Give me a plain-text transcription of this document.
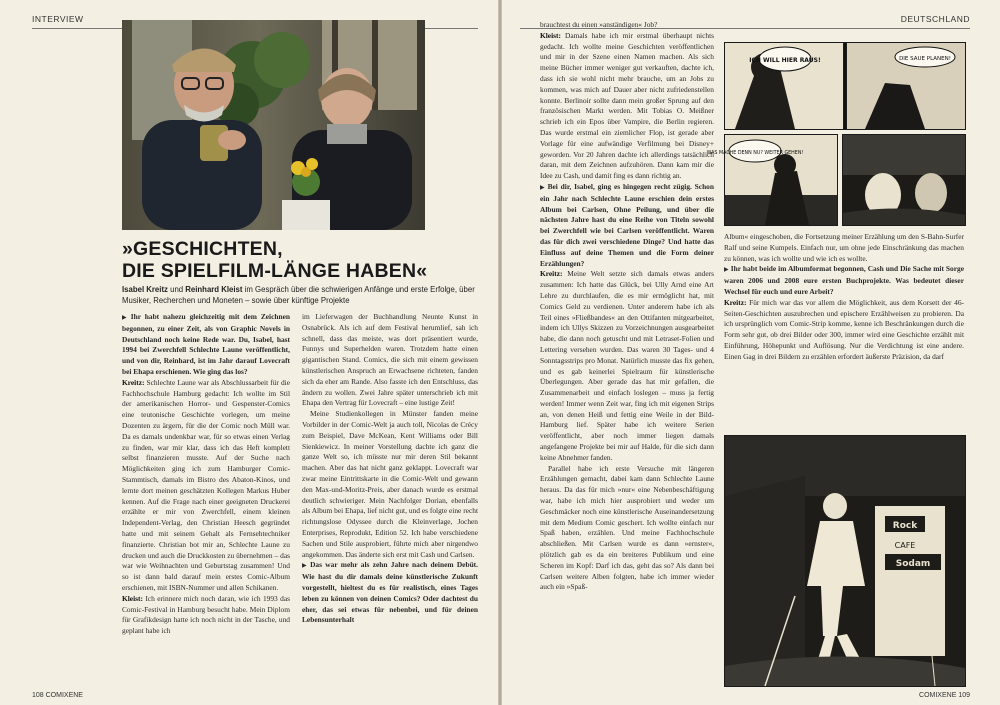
INTERVIEW
»GESCHICHTEN,
DIE SPIELFILM-LÄNGE HABEN«
Isabel Kreitz und Reinhard Kleist im Gespräch über die schwierigen Anfänge und erste Erfolge, über Musiker, Recherchen und Moneten – sowie über künftige Projekte

▶ Ihr habt nahezu gleichzeitig mit dem Zeichnen begonnen, zu einer Zeit, als von Graphic Novels in Deutschland noch keine Rede war. Du, Isabel, hast 1994 bei Zwerchfell Schlechte Laune veröffentlicht, und von dir, Reinhard, ist im Jahr darauf Lovecraft bei Ehapa erschienen. Wie ging das los?

Kreitz: Schlechte Laune war als Abschlussarbeit für die Fachhochschule Hamburg gedacht: Ich wollte im Stil der amerikanischen Horror- und Gespenster-Comics eine teutonische Geschichte vorlegen, um meine Dozenten zu ärgern, für die der Comic noch Müll war. Da es damals undenkbar war, für so etwas einen Verlag zu finden, war mir klar, dass ich das Heft komplett selbst finanzieren musste. Auf der Suche nach Möglichkeiten ging ich zum Hamburger Comic-Stammtisch, damals im Bistro des Abaton-Kinos, und lernte dort meinen geschätzten Kollegen Markus Huber kennen. Auf die Frage nach einer geeigneten Druckerei erzählte er mir von Zwerchfell, einem kleinen Independent-Verlag, den Christian Heesch gegründet hatte und mit seinem Gehalt als Fernsehtechniker finanzierte. Christian bot mir an, Schlechte Laune zu drucken und auch die Druckkosten zu übernehmen – das war wie Weihnachten und Geburtstag zusammen! Und so ist dann bald darauf mein erstes Comic-Album erschienen, mit ISBN-Nummer und allen Schikanen.

Kleist: Ich erinnere mich noch daran, wie ich 1993 das Comic-Festival in Hamburg besucht habe. Mein Diplom für Grafikdesign hatte ich noch nicht in der Tasche, und geplant habe ich

im Lieferwagen der Buchhandlung Neunte Kunst in Osnabrück. Als ich auf dem Festival herumlief, sah ich schnell, dass das meiste, was dort präsentiert wurde, Funnys und Superhelden waren. Trotzdem hatte einen gigantischen Stand. Comics, die sich mit einem gewissen künstlerischen Anspruch an Erwachsene richteten, fanden sich da eher am Rande. Also fasste ich den Entschluss, das ändern zu wollen. Zwei Jahre später unterschrieb ich mit Ehapa den Vertrag für Lovecraft – eine lustige Zeit!

Meine Studienkollegen in Münster fanden meine Vorbilder in der Comic-Welt ja auch toll, Nicolas de Crécy zum Beispiel, Dave McKean, Kent Williams oder Bill Sienkiewicz. In meiner Vorstellung dachte ich ganz die ganze Welt so, ich müsste nur mir deren Stil bekannt machen. Aber das hat nicht ganz geklappt. Lovecraft war zwar meine Eintrittskarte in die Comic-Welt und gewann den Max-und-Moritz-Preis, aber danach wurde es erstmal deutlich schwieriger. Mein Nachfolger Dorian, ebenfalls als Album bei Ehapa, lief nicht gut, und es folgte eine recht richtungslose Odyssee durch die Kleinverlage, Jochen Enterprises, Reprodukt, Edition 52. Ich habe verschiedene Sachen und Stile ausprobiert, führte mich aber nirgendwo angekommen. Das änderte sich erst mit Cash und Carlsen.

▶ Das war mehr als zehn Jahre nach deinem Debüt. Wie hast du dir damals deine künstlerische Zukunft vorgestellt, hieltest du es für realistisch, eines Tages leben zu können von deinen Comics? Oder dachtest du eher, das sei etwas für nebenbei, und für deinen Lebensunterhalt

108 COMIXENE
DEUTSCHLAND

brauchtest du einen »anständigen« Job?

Kleist: Damals habe ich mir erstmal überhaupt nichts gedacht. Ich wollte meine Geschichten veröffentlichen und mir in der Szene einen Namen machen. Als sich meine Bücher immer weniger gut verkauften, dachte ich, dass ich sie wohl nicht mehr brauche, um an Jobs zu kommen, was mich auf Dauer aber nicht zufriedenstellen konnte. Berlinoir sollte dann mein großer Sprung auf den französischen Markt werden. Mit Tobias O. Meißner schrieb ich ein Epos über Vampire, die Berlin regieren. Das wurde erstmal ein ziemlicher Flop, ist gerade aber Vorlage für eine aufwändige Verfilmung bei Disney+ geworden. Vor 20 Jahren dachte ich allerdings tatsächlich daran, mit dem Zeichnen aufzuhören. Dann kam mir die Idee zu Cash, und damit fing es dann richtig an.

▶ Bei dir, Isabel, ging es hingegen recht zügig. Schon ein Jahr nach Schlechte Laune erschien dein erstes Album bei Carlsen, Ohne Peilung, und über die nächsten Jahre hast du eine Reihe von Titeln sowohl bei Zwerchfell wie bei Carlsen veröffentlicht. Waren das für dich zwei verschiedene Dinge? Und hatte das Einfluss auf deine Themen und die Form deiner Erzählungen?

Kreitz: Meine Welt setzte sich damals etwas anders zusammen: Ich hatte das Glück, bei Ully Arnd eine Art Lehre zu durchlaufen, die es mir ermöglicht hat, mit Comics Geld zu verdienen. Unter anderem habe ich als Teil eines »Fließbandes« an den Ottifanten mitgearbeitet, indem ich Ullys Skizzen zu Vorzeichnungen ausgearbeitet habe, die dann noch getuscht und mit Letraset-Folien und Lettering versehen wurden. Das waren 30 Tages- und 4 Sonntagsstrips pro Monat. Natürlich musste das fix gehen, und es gab keinerlei Spielraum für künstlerische Überlegungen. Aber gerade das hat mir gefallen, die Zusammenarbeit und einfach loslegen – muss ja fertig werden! Immer wenn Zeit war, fing ich mit eigenen Strips an, von denen Heiß und fettig eine Weile in der Bild-Hamburg lief. Später habe ich weitere Serien veröffentlicht, aber noch immer liegen damals angefangene Projekte bei mir auf Halde, für die sich dann keine Abnehmer fanden.

Parallel habe ich erste Versuche mit längeren Erzählungen gemacht, dabei kam dann Schlechte Laune heraus. Da das für mich »nur« eine Nebenbeschäftigung war, habe ich mich hier ausprobiert und weder um Geschmäcker noch eine künstlerische Auseinandersetzung mit dem Medium Comic geschert. Ich wollte einfach nur Spaß haben, erzählen. Und meine Fachhochschule abschließen. Mit Carlsen wurde es dann »ernster«, plötzlich gab es da ein breiteres Publikum und eine Scheren im Kopf: Darf ich das, geht das so? Als dann bei Carlsen weitere Alben folgten, habe ich immer wieder auch ein »Spaß-

ICH WILL HIER RAUS!	DIE SAUE PLANEN!
WAS MACHE DENN NU? WEITER GEHEN!

Album« eingeschoben, die Fortsetzung meiner Erzählung um den S-Bahn-Surfer Ralf und seine Kumpels. Einfach nur, um ohne jede Einschränkung das machen zu können, was ich wollte und wie ich es wollte.

▶ Ihr habt beide im Albumformat begonnen, Cash und Die Sache mit Sorge waren 2006 und 2008 eure ersten Buchprojekte. Was bedeutet dieser Wechsel für euch und eure Arbeit?

Kreitz: Für mich war das vor allem die Möglichkeit, aus dem Korsett der 46-Seiten-Geschichten auszubrechen und epischere Erzählweisen zu probieren. Da ich ursprünglich vom Comic-Strip komme, kenne ich Beschränkungen durch die Form sehr gut, ob drei Bilder oder 300, immer wird eine Geschichte erzählt mit Einführung, Höhepunkt und Auflösung. Nur die Verdichtung ist eine andere. Einen Gag in drei Bildern zu erzählen erfordert äußerste Präzision, da darf

Rock
CAFE
Sodam
COMIXENE 109
